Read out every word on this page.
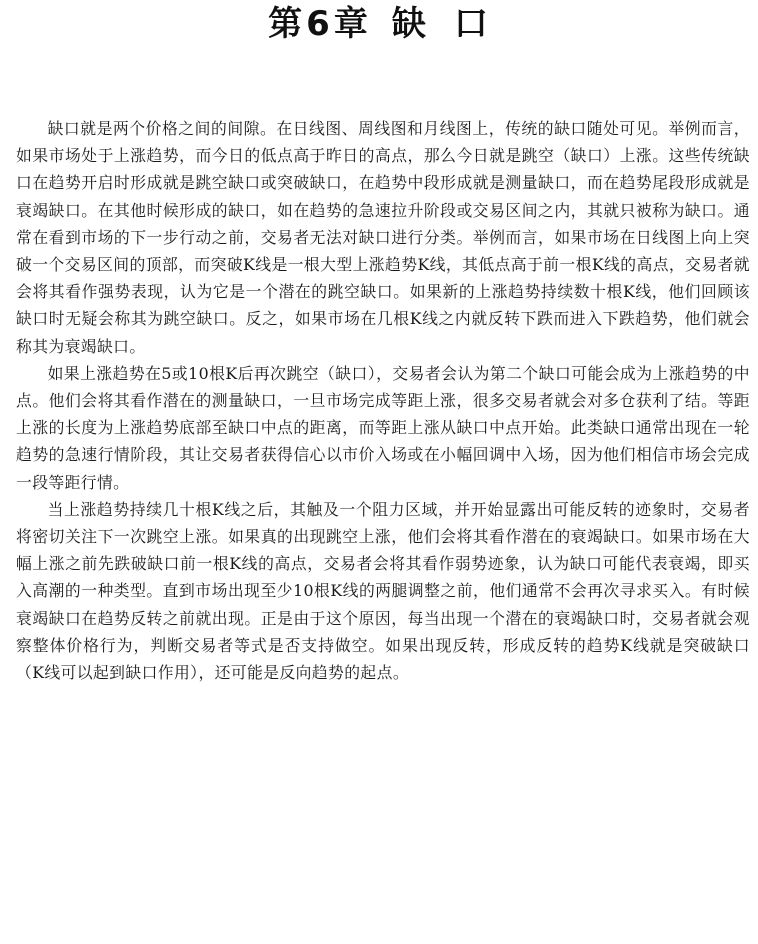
第6章 缺 口

缺口就是两个价格之间的间隙。在日线图、周线图和月线图上，传统的缺口随处可见。举例而言，如果市场处于上涨趋势，而今日的低点高于昨日的高点，那么今日就是跳空（缺口）上涨。这些传统缺口在趋势开启时形成就是跳空缺口或突破缺口，在趋势中段形成就是测量缺口，而在趋势尾段形成就是衰竭缺口。在其他时候形成的缺口，如在趋势的急速拉升阶段或交易区间之内，其就只被称为缺口。通常在看到市场的下一步行动之前，交易者无法对缺口进行分类。举例而言，如果市场在日线图上向上突破一个交易区间的顶部，而突破K线是一根大型上涨趋势K线，其低点高于前一根K线的高点，交易者就会将其看作强势表现，认为它是一个潜在的跳空缺口。如果新的上涨趋势持续数十根K线，他们回顾该缺口时无疑会称其为跳空缺口。反之，如果市场在几根K线之内就反转下跌而进入下跌趋势，他们就会称其为衰竭缺口。

如果上涨趋势在5或10根K后再次跳空（缺口），交易者会认为第二个缺口可能会成为上涨趋势的中点。他们会将其看作潜在的测量缺口，一旦市场完成等距上涨，很多交易者就会对多仓获利了结。等距上涨的长度为上涨趋势底部至缺口中点的距离，而等距上涨从缺口中点开始。此类缺口通常出现在一轮趋势的急速行情阶段，其让交易者获得信心以市价入场或在小幅回调中入场，因为他们相信市场会完成一段等距行情。

当上涨趋势持续几十根K线之后，其触及一个阻力区域，并开始显露出可能反转的迹象时，交易者将密切关注下一次跳空上涨。如果真的出现跳空上涨，他们会将其看作潜在的衰竭缺口。如果市场在大幅上涨之前先跌破缺口前一根K线的高点，交易者会将其看作弱势迹象，认为缺口可能代表衰竭，即买入高潮的一种类型。直到市场出现至少10根K线的两腿调整之前，他们通常不会再次寻求买入。有时候衰竭缺口在趋势反转之前就出现。正是由于这个原因，每当出现一个潜在的衰竭缺口时，交易者就会观察整体价格行为，判断交易者等式是否支持做空。如果出现反转，形成反转的趋势K线就是突破缺口（K线可以起到缺口作用），还可能是反向趋势的起点。
